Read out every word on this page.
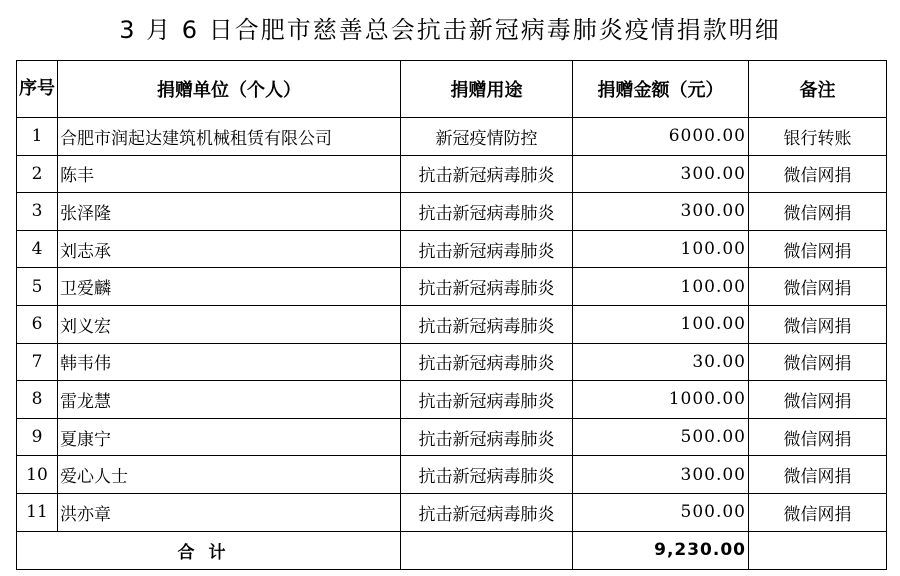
3 月 6 日合肥市慈善总会抗击新冠病毒肺炎疫情捐款明细
序号	捐赠单位（个人）	捐赠用途	捐赠金额（元）	备注
1	合肥市润起达建筑机械租赁有限公司	新冠疫情防控	6000.00	银行转账
2	陈丰	抗击新冠病毒肺炎	300.00	微信网捐
3	张泽隆	抗击新冠病毒肺炎	300.00	微信网捐
4	刘志承	抗击新冠病毒肺炎	100.00	微信网捐
5	卫爱麟	抗击新冠病毒肺炎	100.00	微信网捐
6	刘义宏	抗击新冠病毒肺炎	100.00	微信网捐
7	韩韦伟	抗击新冠病毒肺炎	30.00	微信网捐
8	雷龙慧	抗击新冠病毒肺炎	1000.00	微信网捐
9	夏康宁	抗击新冠病毒肺炎	500.00	微信网捐
10	爱心人士	抗击新冠病毒肺炎	300.00	微信网捐
11	洪亦章	抗击新冠病毒肺炎	500.00	微信网捐
合计			9,230.00	
